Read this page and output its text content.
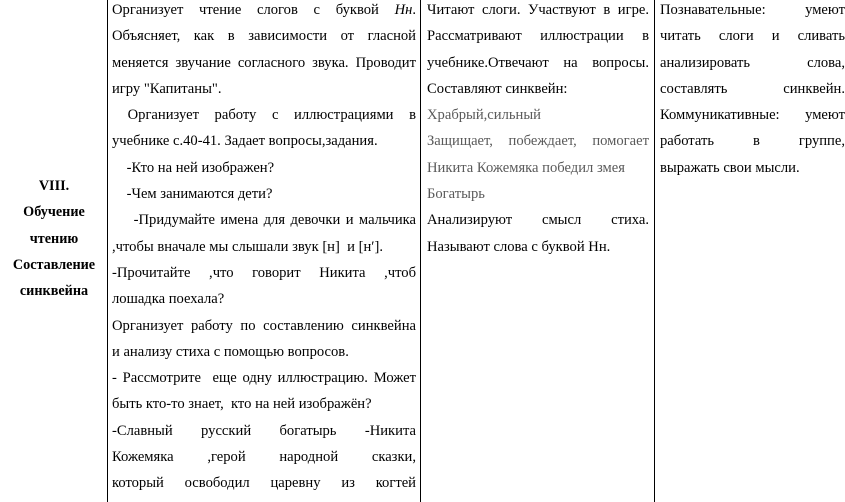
VIII.
Обучение
чтению
Составление
синквейна

Организует чтение слогов с буквой Нн.

Объясняет, как в зависимости от гласной

меняется звучание согласного звука. Проводит

игру "Капитаны".

Организует работу с иллюстрациями в

учебнике с.40-41. Задает вопросы,задания.

-Кто на ней изображен?

-Чем занимаются дети?

-Придумайте имена для девочки и мальчика

,чтобы вначале мы слышали звук [н]  и [н′].

-Прочитайте ,что говорит Никита ,чтоб

лошадка поехала?

Организует работу по составлению синквейна

и анализу стиха с помощью вопросов.

- Рассмотрите  еще одну иллюстрацию. Может

быть кто-то знает,  кто на ней изображён?

-Славный русский богатырь -Никита

Кожемяка ,герой народной сказки,

который освободил царевну из когтей

Читают слоги. Участвуют в игре.

Рассматривают иллюстрации в

учебнике.Отвечают на вопросы.

Составляют синквейн:

Храбрый,сильный

Защищает, побеждает, помогает

Никита Кожемяка победил змея

Богатырь

Анализируют смысл стиха.

Называют слова с буквой Нн.

Познавательные: умеют

читать слоги и сливать

анализировать слова,

составлять синквейн.

Коммуникативные: умеют

работать в группе,

выражать свои мысли.
